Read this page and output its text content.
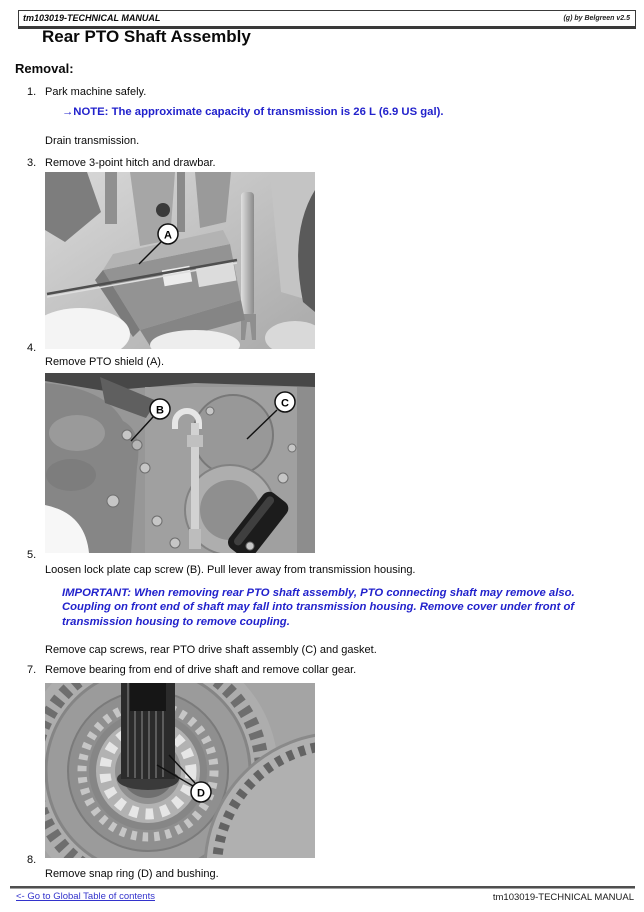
tm103019-TECHNICAL MANUAL	(g) by Belgreen v2.5
Rear PTO Shaft Assembly
Removal:
1. Park machine safely.
→NOTE: The approximate capacity of transmission is 26 L (6.9 US gal).
Drain transmission.
3. Remove 3-point hitch and drawbar.
A
4.
Remove PTO shield (A).
B
C
5.
Loosen lock plate cap screw (B). Pull lever away from transmission housing.
IMPORTANT: When removing rear PTO shaft assembly, PTO connecting shaft may remove also.
Coupling on front end of shaft may fall into transmission housing. Remove cover under front of
transmission housing to remove coupling.
Remove cap screws, rear PTO drive shaft assembly (C) and gasket.
7. Remove bearing from end of drive shaft and remove collar gear.
D
8.
Remove snap ring (D) and bushing.
<- Go to Global Table of contents	tm103019-TECHNICAL MANUAL
